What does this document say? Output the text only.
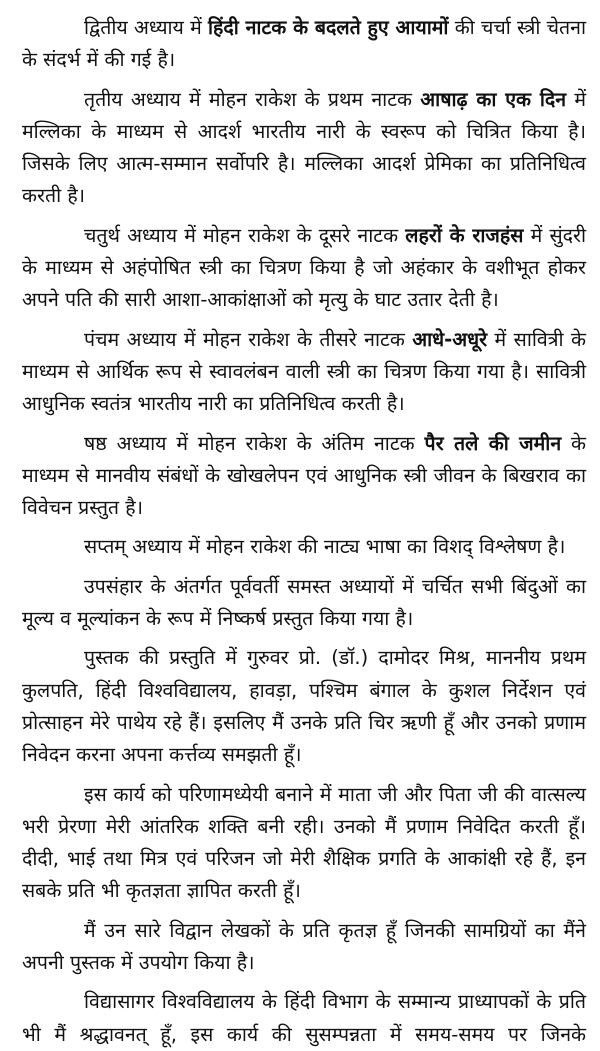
द्वितीय अध्याय में हिंदी नाटक के बदलते हुए आयामों की चर्चा स्त्री चेतना के संदर्भ में की गई है।

तृतीय अध्याय में मोहन राकेश के प्रथम नाटक आषाढ़ का एक दिन में मल्लिका के माध्यम से आदर्श भारतीय नारी के स्वरूप को चित्रित किया है। जिसके लिए आत्म-सम्मान सर्वोपरि है। मल्लिका आदर्श प्रेमिका का प्रतिनिधित्व करती है।

चतुर्थ अध्याय में मोहन राकेश के दूसरे नाटक लहरों के राजहंस में सुंदरी के माध्यम से अहंपोषित स्त्री का चित्रण किया है जो अहंकार के वशीभूत होकर अपने पति की सारी आशा-आकांक्षाओं को मृत्यु के घाट उतार देती है।

पंचम अध्याय में मोहन राकेश के तीसरे नाटक आधे-अधूरे में सावित्री के माध्यम से आर्थिक रूप से स्वावलंबन वाली स्त्री का चित्रण किया गया है। सावित्री आधुनिक स्वतंत्र भारतीय नारी का प्रतिनिधित्व करती है।

षष्ठ अध्याय में मोहन राकेश के अंतिम नाटक पैर तले की जमीन के माध्यम से मानवीय संबंधों के खोखलेपन एवं आधुनिक स्त्री जीवन के बिखराव का विवेचन प्रस्तुत है।

सप्तम् अध्याय में मोहन राकेश की नाट्य भाषा का विशद् विश्लेषण है।

उपसंहार के अंतर्गत पूर्ववर्ती समस्त अध्यायों में चर्चित सभी बिंदुओं का मूल्य व मूल्यांकन के रूप में निष्कर्ष प्रस्तुत किया गया है।

पुस्तक की प्रस्तुति में गुरुवर प्रो. (डॉ.) दामोदर मिश्र, माननीय प्रथम कुलपति, हिंदी विश्वविद्यालय, हावड़ा, पश्चिम बंगाल के कुशल निर्देशन एवं प्रोत्साहन मेरे पाथेय रहे हैं। इसलिए मैं उनके प्रति चिर ऋणी हूँ और उनको प्रणाम निवेदन करना अपना कर्त्तव्य समझती हूँ।

इस कार्य को परिणामध्येयी बनाने में माता जी और पिता जी की वात्सल्य भरी प्रेरणा मेरी आंतरिक शक्ति बनी रही। उनको मैं प्रणाम निवेदित करती हूँ। दीदी, भाई तथा मित्र एवं परिजन जो मेरी शैक्षिक प्रगति के आकांक्षी रहे हैं, इन सबके प्रति भी कृतज्ञता ज्ञापित करती हूँ।

मैं उन सारे विद्वान लेखकों के प्रति कृतज्ञ हूँ जिनकी सामग्रियों का मैंने अपनी पुस्तक में उपयोग किया है।

विद्यासागर विश्वविद्यालय के हिंदी विभाग के सम्मान्य प्राध्यापकों के प्रति भी मैं श्रद्धावनत् हूँ, इस कार्य की सुसम्पन्नता में समय-समय पर जिनके
